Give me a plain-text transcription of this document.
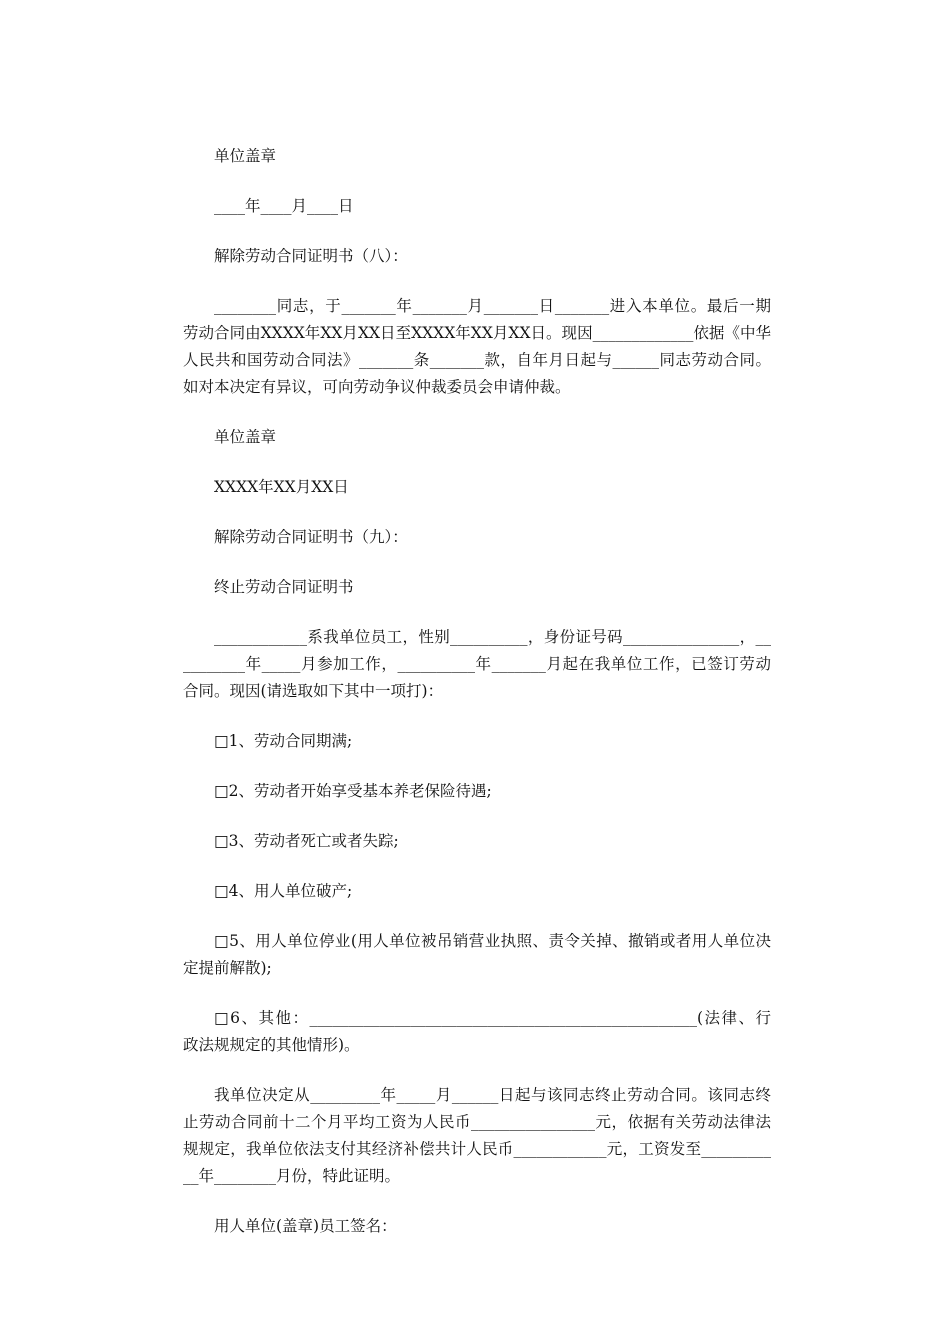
单位盖章

____年____月____日

解除劳动合同证明书（八）：

________同志，于_______年_______月_______日_______进入本单位。最后一期劳动合同由XXXX年XX月XX日至XXXX年XX月XX日。现因_____________依据《中华人民共和国劳动合同法》_______条_______款，自年月日起与______同志劳动合同。如对本决定有异议，可向劳动争议仲裁委员会申请仲裁。

单位盖章

XXXX年XX月XX日

解除劳动合同证明书（九）：

终止劳动合同证明书

____________系我单位员工，性别__________，身份证号码_______________，__________年_____月参加工作，__________年_______月起在我单位工作，已签订劳动合同。现因(请选取如下其中一项打)：

□1、劳动合同期满;

□2、劳动者开始享受基本养老保险待遇;

□3、劳动者死亡或者失踪;

□4、用人单位破产;

□5、用人单位停业(用人单位被吊销营业执照、责令关掉、撤销或者用人单位决定提前解散);

□6、其他：__________________________________________________(法律、行政法规规定的其他情形)。

我单位决定从_________年_____月______日起与该同志终止劳动合同。该同志终止劳动合同前十二个月平均工资为人民币________________元，依据有关劳动法律法规规定，我单位依法支付其经济补偿共计人民币____________元，工资发至___________年________月份，特此证明。

用人单位(盖章)员工签名：
